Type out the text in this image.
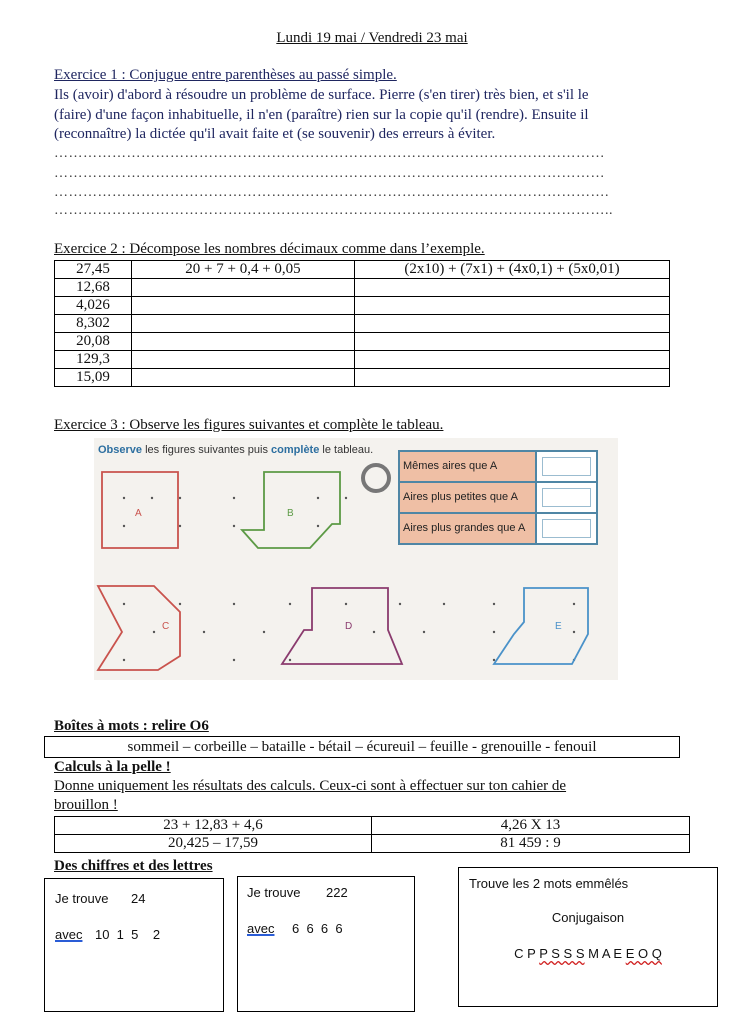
Lundi 19 mai / Vendredi 23 mai
Exercice 1 : Conjugue entre parenthèses au passé simple.
Ils (avoir) d'abord à résoudre un problème de surface. Pierre (s'en tirer) très bien, et s'il le
(faire) d'une façon inhabituelle, il n'en (paraître) rien sur la copie qu'il (rendre). Ensuite il
(reconnaître) la dictée qu'il avait faite et (se souvenir) des erreurs à éviter.
……………………………………………………………………………………………………
……………………………………………………………………………………………………
…………………………………………………………………………………………………….
……………………………………………………………………………………………………..
Exercice 2 : Décompose les nombres décimaux comme dans l’exemple.
27,45	20 + 7 + 0,4 + 0,05	(2x10) + (7x1) + (4x0,1) + (5x0,01)
12,68		
4,026		
8,302		
20,08		
129,3		
15,09		
Exercice 3 : Observe les figures suivantes et complète le tableau.
Observe les figures suivantes puis complète le tableau.
A	B
C	D	E
Mêmes aires que A
Aires plus petites que A
Aires plus grandes que A
Boîtes à mots : relire O6
sommeil – corbeille – bataille - bétail – écureuil – feuille - grenouille - fenouil
Calculs à la pelle !
Donne uniquement les résultats des calculs. Ceux-ci sont à effectuer sur ton cahier de
brouillon !
23 + 12,83 + 4,6	4,26 X 13
20,425 – 17,59	81 459 : 9
Des chiffres et des lettres
Je trouve 24
avec 10  1  5    2
Je trouve 222
avec 6  6  6  6
Trouve les 2 mots emmêlés
Conjugaison
C P P S S S M A E E O Q
